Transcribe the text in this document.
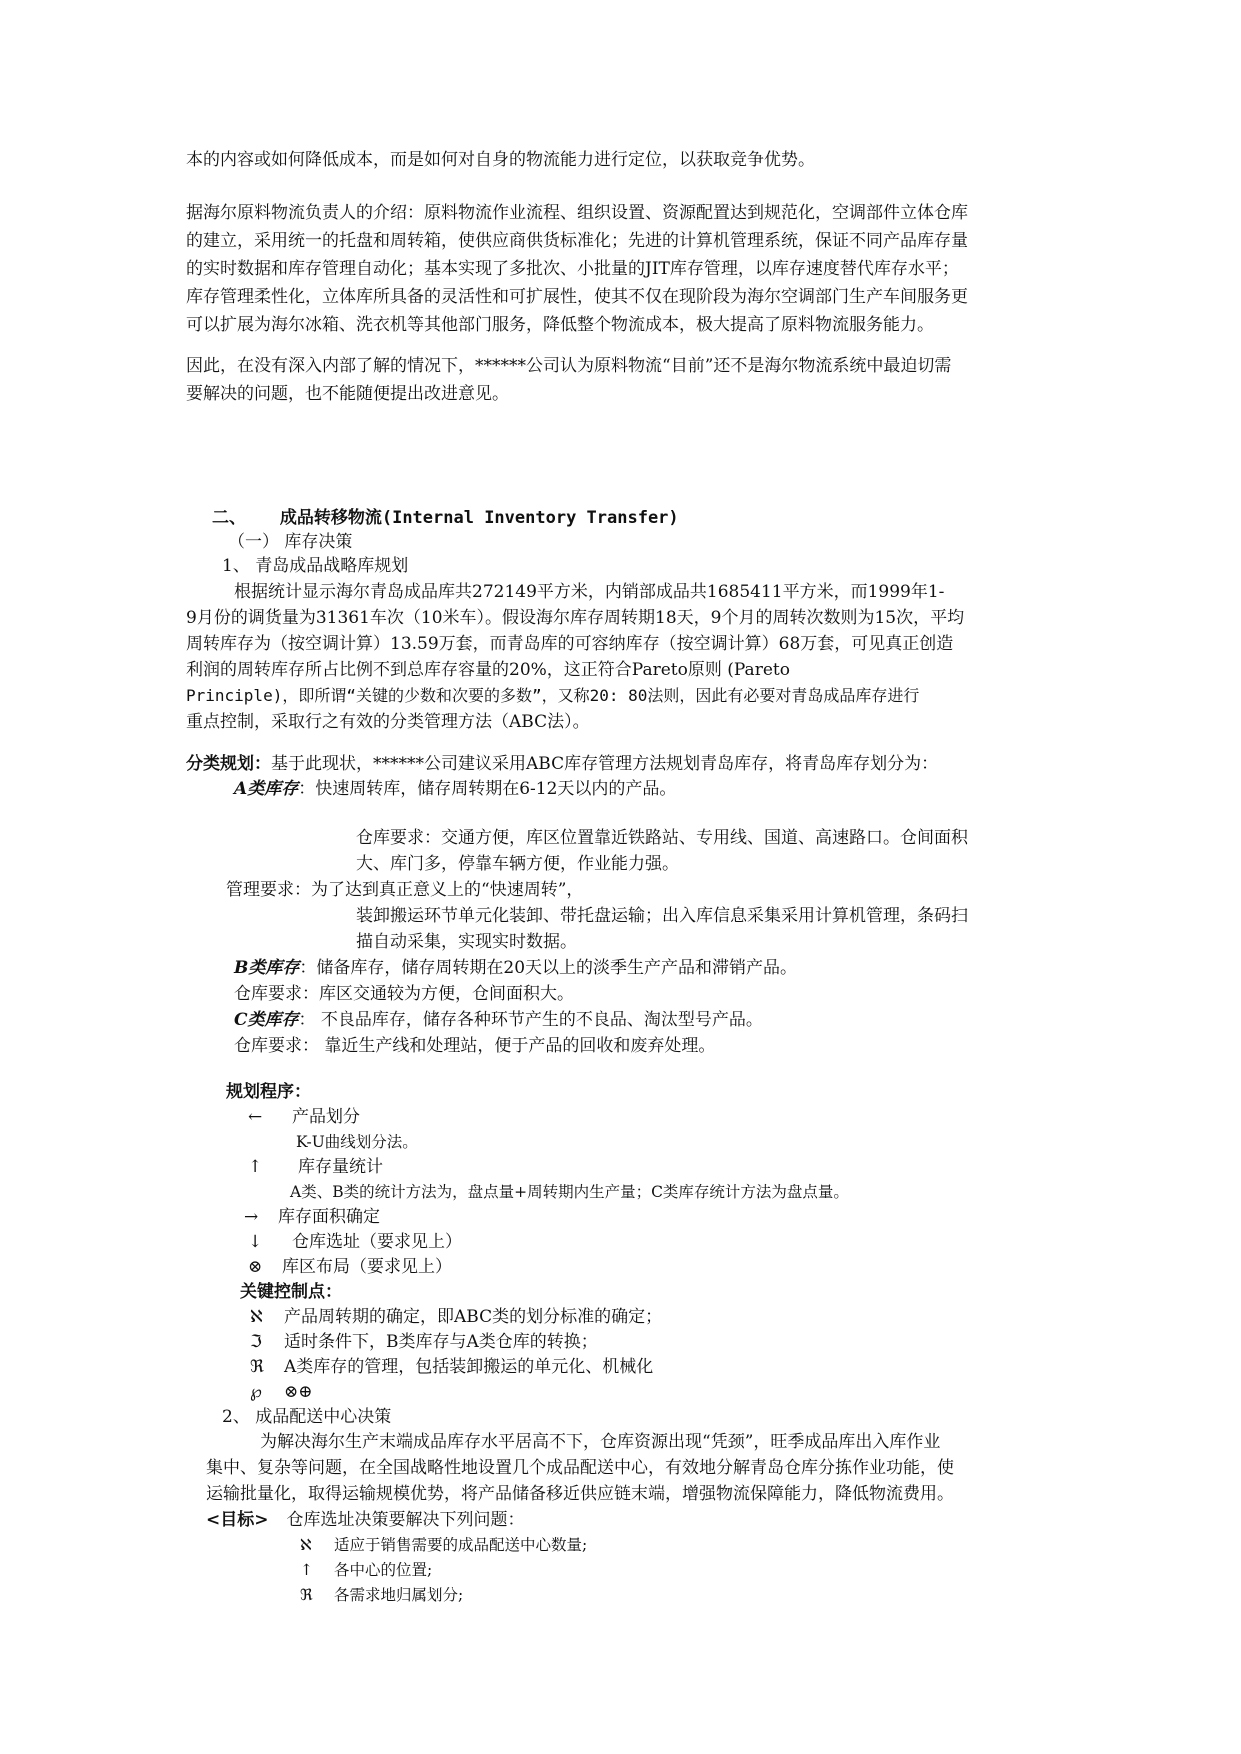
本的内容或如何降低成本，而是如何对自身的物流能力进行定位，以获取竞争优势。
据海尔原料物流负责人的介绍：原料物流作业流程、组织设置、资源配置达到规范化，空调部件立体仓库
的建立，采用统一的托盘和周转箱，使供应商供货标准化；先进的计算机管理系统，保证不同产品库存量
的实时数据和库存管理自动化；基本实现了多批次、小批量的JIT库存管理，以库存速度替代库存水平；
库存管理柔性化，立体库所具备的灵活性和可扩展性，使其不仅在现阶段为海尔空调部门生产车间服务更
可以扩展为海尔冰箱、洗衣机等其他部门服务，降低整个物流成本，极大提高了原料物流服务能力。
因此，在没有深入内部了解的情况下，******公司认为原料物流“目前”还不是海尔物流系统中最迫切需
要解决的问题，也不能随便提出改进意见。
二、 成品转移物流(Internal Inventory Transfer)
（一） 库存决策
1、 青岛成品战略库规划
根据统计显示海尔青岛成品库共272149平方米，内销部成品共1685411平方米，而1999年1-
9月份的调货量为31361车次（10米车）。假设海尔库存周转期18天，9个月的周转次数则为15次，平均
周转库存为（按空调计算）13.59万套，而青岛库的可容纳库存（按空调计算）68万套，可见真正创造
利润的周转库存所占比例不到总库存容量的20%，这正符合Pareto原则 (Pareto
Principle)，即所谓“关键的少数和次要的多数”，又称20: 80法则，因此有必要对青岛成品库存进行
重点控制，采取行之有效的分类管理方法（ABC法）。
分类规划：基于此现状，******公司建议采用ABC库存管理方法规划青岛库存，将青岛库存划分为：
A类库存：快速周转库，储存周转期在6-12天以内的产品。
仓库要求：交通方便，库区位置靠近铁路站、专用线、国道、高速路口。仓间面积
大、库门多，停靠车辆方便，作业能力强。
管理要求：为了达到真正意义上的“快速周转”，
装卸搬运环节单元化装卸、带托盘运输；出入库信息采集采用计算机管理，条码扫
描自动采集，实现实时数据。
B类库存：储备库存，储存周转期在20天以上的淡季生产产品和滞销产品。
仓库要求：库区交通较为方便，仓间面积大。
C类库存： 不良品库存，储存各种环节产生的不良品、淘汰型号产品。
仓库要求： 靠近生产线和处理站，便于产品的回收和废弃处理。
规划程序：
← 产品划分
K-U曲线划分法。
↑ 库存量统计
A类、B类的统计方法为，盘点量+周转期内生产量；C类库存统计方法为盘点量。
→ 库存面积确定
↓ 仓库选址（要求见上）
⊗ 库区布局（要求见上）
关键控制点：
ℵ 产品周转期的确定，即ABC类的划分标准的确定；
ℑ 适时条件下，B类库存与A类仓库的转换；
ℜ A类库存的管理，包括装卸搬运的单元化、机械化
℘ ⊗⊕
2、 成品配送中心决策
为解决海尔生产末端成品库存水平居高不下，仓库资源出现“凭颈”，旺季成品库出入库作业
集中、复杂等问题，在全国战略性地设置几个成品配送中心，有效地分解青岛仓库分拣作业功能，使
运输批量化，取得运输规模优势，将产品储备移近供应链末端，增强物流保障能力，降低物流费用。
<目标> 仓库选址决策要解决下列问题：
ℵ 适应于销售需要的成品配送中心数量;
↑ 各中心的位置;
ℜ 各需求地归属划分;
